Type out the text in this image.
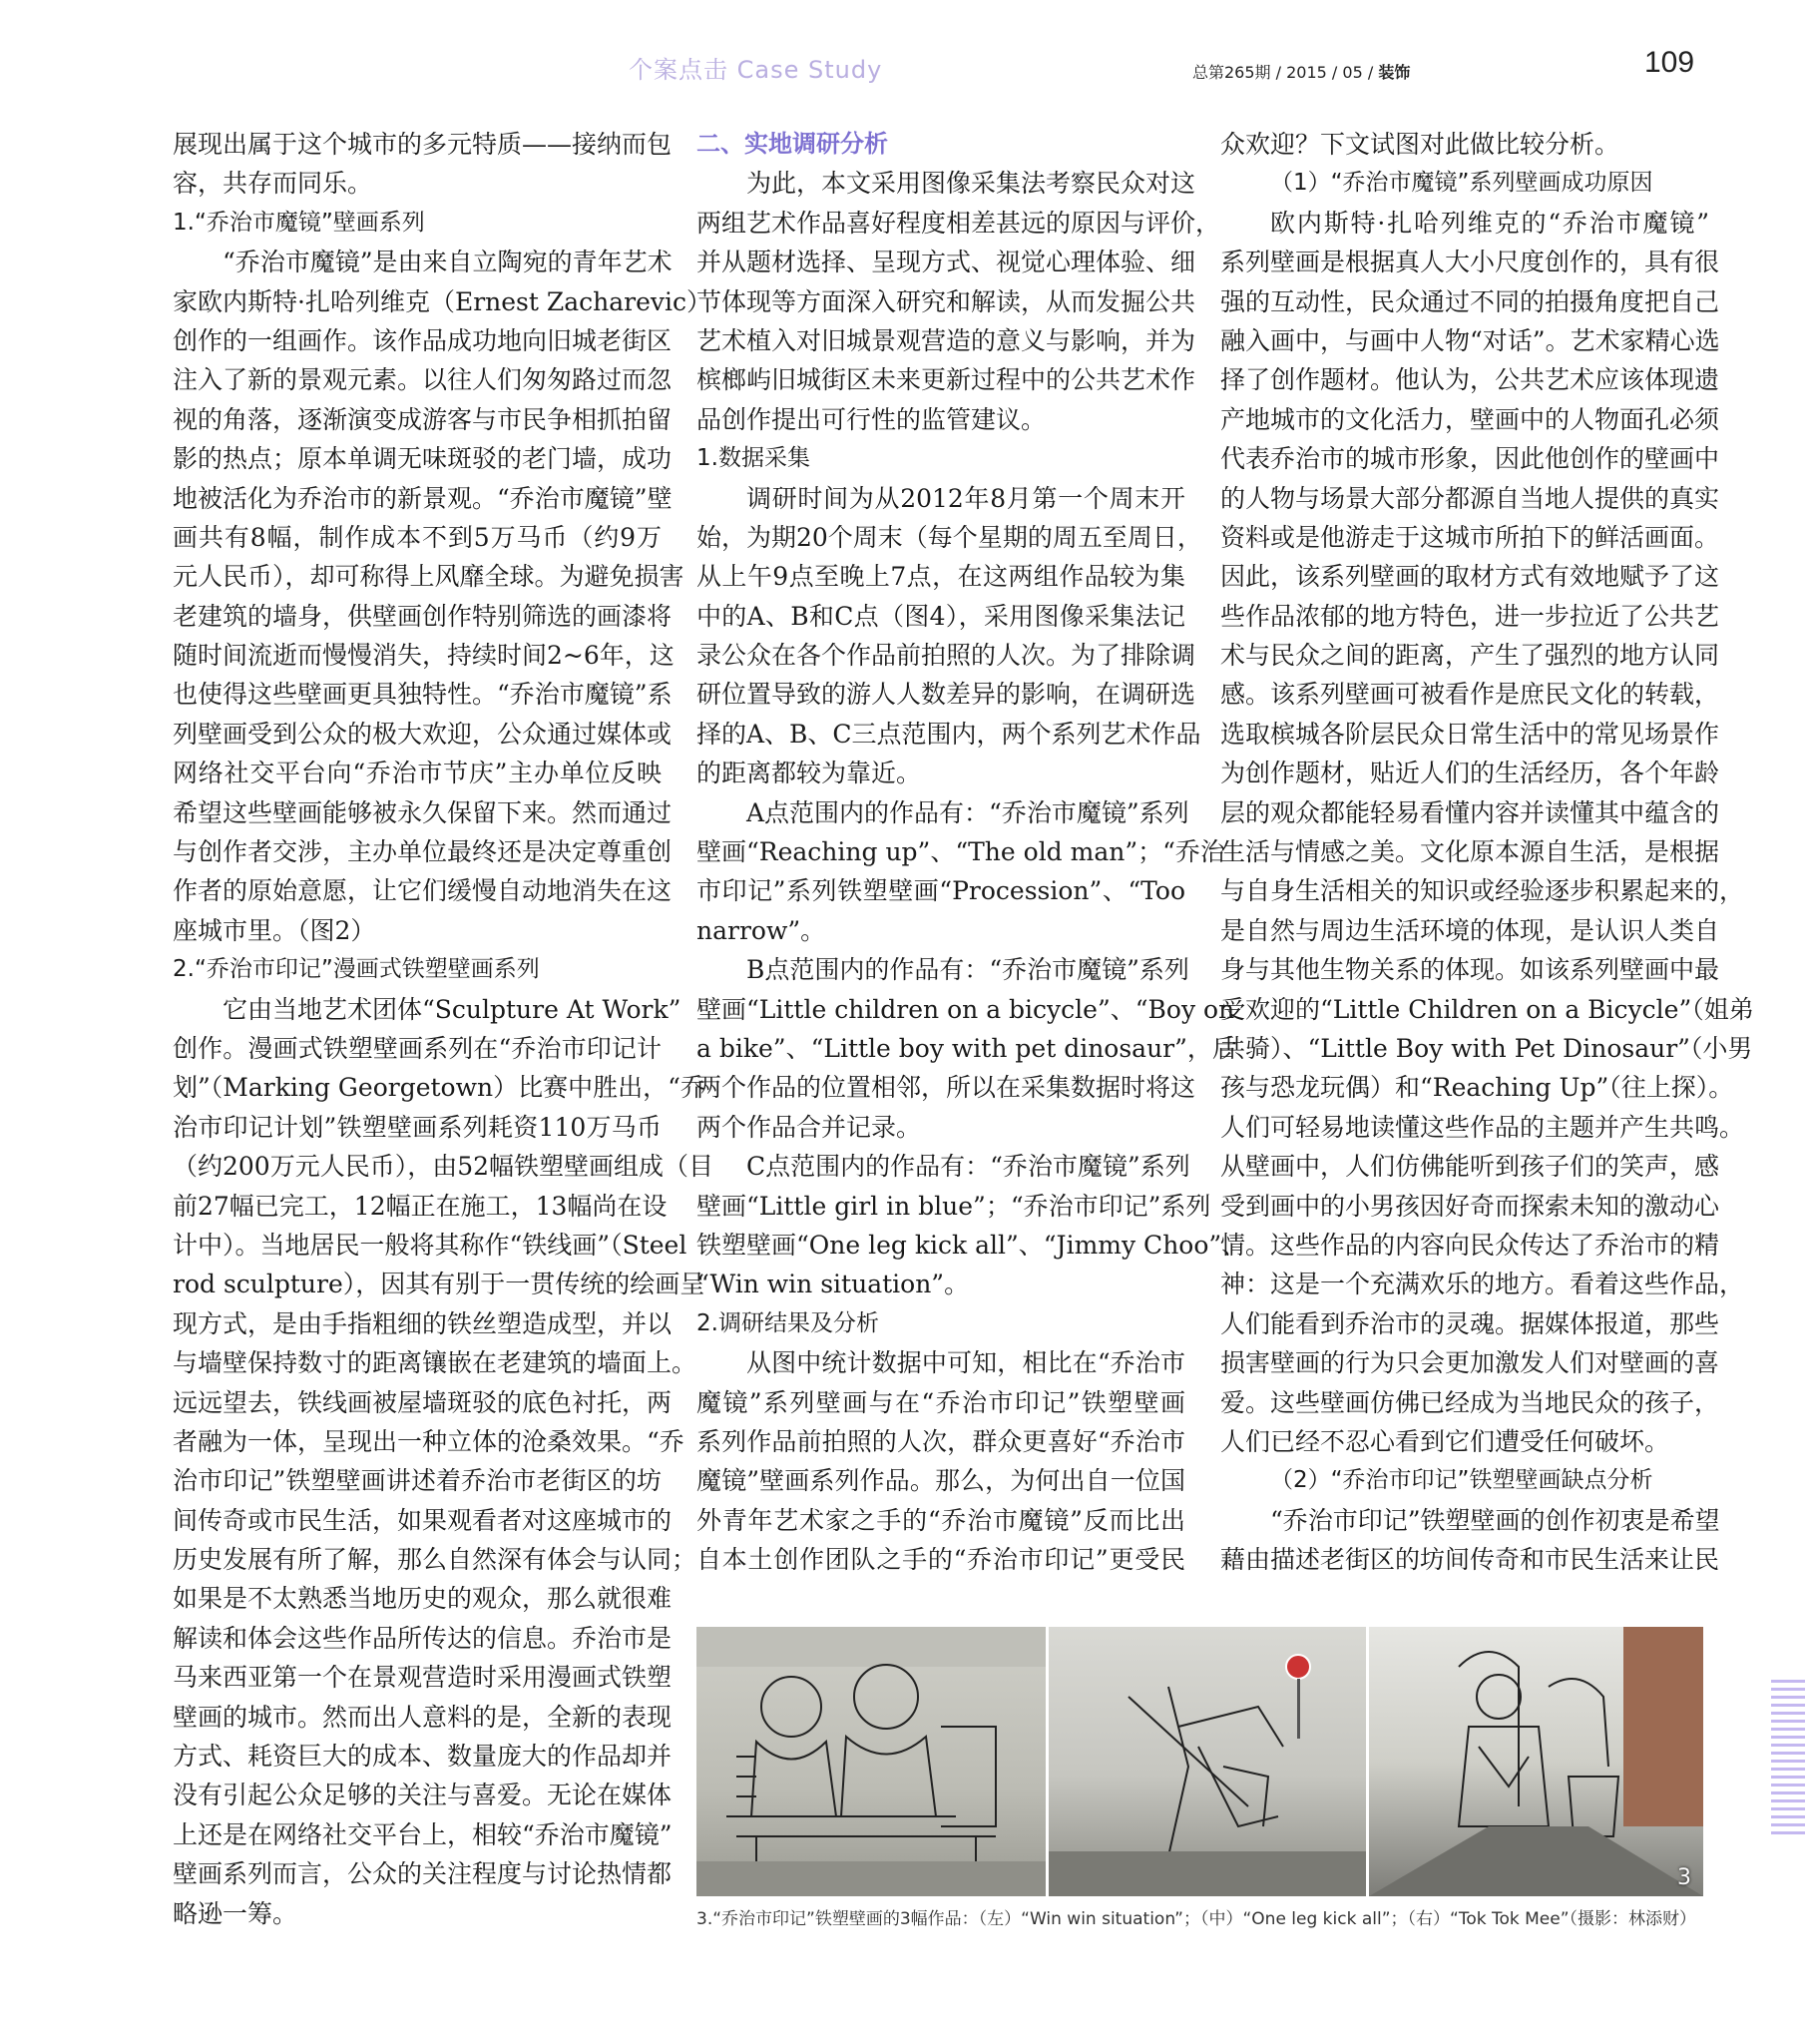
个案点击 Case Study	总第265期 / 2015 / 05 / 装饰	109
展现出属于这个城市的多元特质——接纳而包
容，共存而同乐。
1.“乔治市魔镜”壁画系列
“乔治市魔镜”是由来自立陶宛的青年艺术
家欧内斯特·扎哈列维克（Ernest Zacharevic）
创作的一组画作。该作品成功地向旧城老街区
注入了新的景观元素。以往人们匆匆路过而忽
视的角落，逐渐演变成游客与市民争相抓拍留
影的热点；原本单调无味斑驳的老门墙，成功
地被活化为乔治市的新景观。“乔治市魔镜”壁
画共有8幅，制作成本不到5万马币（约9万
元人民币），却可称得上风靡全球。为避免损害
老建筑的墙身，供壁画创作特别筛选的画漆将
随时间流逝而慢慢消失，持续时间2~6年，这
也使得这些壁画更具独特性。“乔治市魔镜”系
列壁画受到公众的极大欢迎，公众通过媒体或
网络社交平台向“乔治市节庆”主办单位反映
希望这些壁画能够被永久保留下来。然而通过
与创作者交涉，主办单位最终还是决定尊重创
作者的原始意愿，让它们缓慢自动地消失在这
座城市里。（图2）
2.“乔治市印记”漫画式铁塑壁画系列
它由当地艺术团体“Sculpture At Work”
创作。漫画式铁塑壁画系列在“乔治市印记计
划”（Marking Georgetown）比赛中胜出，“乔
治市印记计划”铁塑壁画系列耗资110万马币
（约200万元人民币），由52幅铁塑壁画组成（目
前27幅已完工，12幅正在施工，13幅尚在设
计中）。当地居民一般将其称作“铁线画”（Steel
rod sculpture），因其有别于一贯传统的绘画呈
现方式，是由手指粗细的铁丝塑造成型，并以
与墙壁保持数寸的距离镶嵌在老建筑的墙面上。
远远望去，铁线画被屋墙斑驳的底色衬托，两
者融为一体，呈现出一种立体的沧桑效果。“乔
治市印记”铁塑壁画讲述着乔治市老街区的坊
间传奇或市民生活，如果观看者对这座城市的
历史发展有所了解，那么自然深有体会与认同；
如果是不太熟悉当地历史的观众，那么就很难
解读和体会这些作品所传达的信息。乔治市是
马来西亚第一个在景观营造时采用漫画式铁塑
壁画的城市。然而出人意料的是，全新的表现
方式、耗资巨大的成本、数量庞大的作品却并
没有引起公众足够的关注与喜爱。无论在媒体
上还是在网络社交平台上，相较“乔治市魔镜”
壁画系列而言，公众的关注程度与讨论热情都
略逊一筹。
二、实地调研分析
为此，本文采用图像采集法考察民众对这
两组艺术作品喜好程度相差甚远的原因与评价，
并从题材选择、呈现方式、视觉心理体验、细
节体现等方面深入研究和解读，从而发掘公共
艺术植入对旧城景观营造的意义与影响，并为
槟榔屿旧城街区未来更新过程中的公共艺术作
品创作提出可行性的监管建议。
1.数据采集
调研时间为从2012年8月第一个周末开
始，为期20个周末（每个星期的周五至周日，
从上午9点至晚上7点，在这两组作品较为集
中的A、B和C点（图4），采用图像采集法记
录公众在各个作品前拍照的人次。为了排除调
研位置导致的游人人数差异的影响，在调研选
择的A、B、C三点范围内，两个系列艺术作品
的距离都较为靠近。
A点范围内的作品有：“乔治市魔镜”系列
壁画“Reaching up”、“The old man”；“乔治
市印记”系列铁塑壁画“Procession”、“Too
narrow”。
B点范围内的作品有：“乔治市魔镜”系列
壁画“Little children on a bicycle”、“Boy on
a bike”、“Little boy with pet dinosaur”，后
两个作品的位置相邻，所以在采集数据时将这
两个作品合并记录。
C点范围内的作品有：“乔治市魔镜”系列
壁画“Little girl in blue”；“乔治市印记”系列
铁塑壁画“One leg kick all”、“Jimmy Choo”、
“Win win situation”。
2.调研结果及分析
从图中统计数据中可知，相比在“乔治市
魔镜”系列壁画与在“乔治市印记”铁塑壁画
系列作品前拍照的人次，群众更喜好“乔治市
魔镜”壁画系列作品。那么，为何出自一位国
外青年艺术家之手的“乔治市魔镜”反而比出
自本土创作团队之手的“乔治市印记”更受民
众欢迎？下文试图对此做比较分析。
（1）“乔治市魔镜”系列壁画成功原因
欧内斯特·扎哈列维克的“乔治市魔镜”
系列壁画是根据真人大小尺度创作的，具有很
强的互动性，民众通过不同的拍摄角度把自己
融入画中，与画中人物“对话”。艺术家精心选
择了创作题材。他认为，公共艺术应该体现遗
产地城市的文化活力，壁画中的人物面孔必须
代表乔治市的城市形象，因此他创作的壁画中
的人物与场景大部分都源自当地人提供的真实
资料或是他游走于这城市所拍下的鲜活画面。
因此，该系列壁画的取材方式有效地赋予了这
些作品浓郁的地方特色，进一步拉近了公共艺
术与民众之间的距离，产生了强烈的地方认同
感。该系列壁画可被看作是庶民文化的转载，
选取槟城各阶层民众日常生活中的常见场景作
为创作题材，贴近人们的生活经历，各个年龄
层的观众都能轻易看懂内容并读懂其中蕴含的
生活与情感之美。文化原本源自生活，是根据
与自身生活相关的知识或经验逐步积累起来的，
是自然与周边生活环境的体现，是认识人类自
身与其他生物关系的体现。如该系列壁画中最
受欢迎的“Little Children on a Bicycle”（姐弟
共骑）、“Little Boy with Pet Dinosaur”（小男
孩与恐龙玩偶）和“Reaching Up”（往上探）。
人们可轻易地读懂这些作品的主题并产生共鸣。
从壁画中，人们仿佛能听到孩子们的笑声，感
受到画中的小男孩因好奇而探索未知的激动心
情。这些作品的内容向民众传达了乔治市的精
神：这是一个充满欢乐的地方。看着这些作品，
人们能看到乔治市的灵魂。据媒体报道，那些
损害壁画的行为只会更加激发人们对壁画的喜
爱。这些壁画仿佛已经成为当地民众的孩子，
人们已经不忍心看到它们遭受任何破坏。
（2）“乔治市印记”铁塑壁画缺点分析
“乔治市印记”铁塑壁画的创作初衷是希望
藉由描述老街区的坊间传奇和市民生活来让民
3
3.“乔治市印记”铁塑壁画的3幅作品：（左）“Win win situation”；（中）“One leg kick all”；（右）“Tok Tok Mee”（摄影：林添财）
